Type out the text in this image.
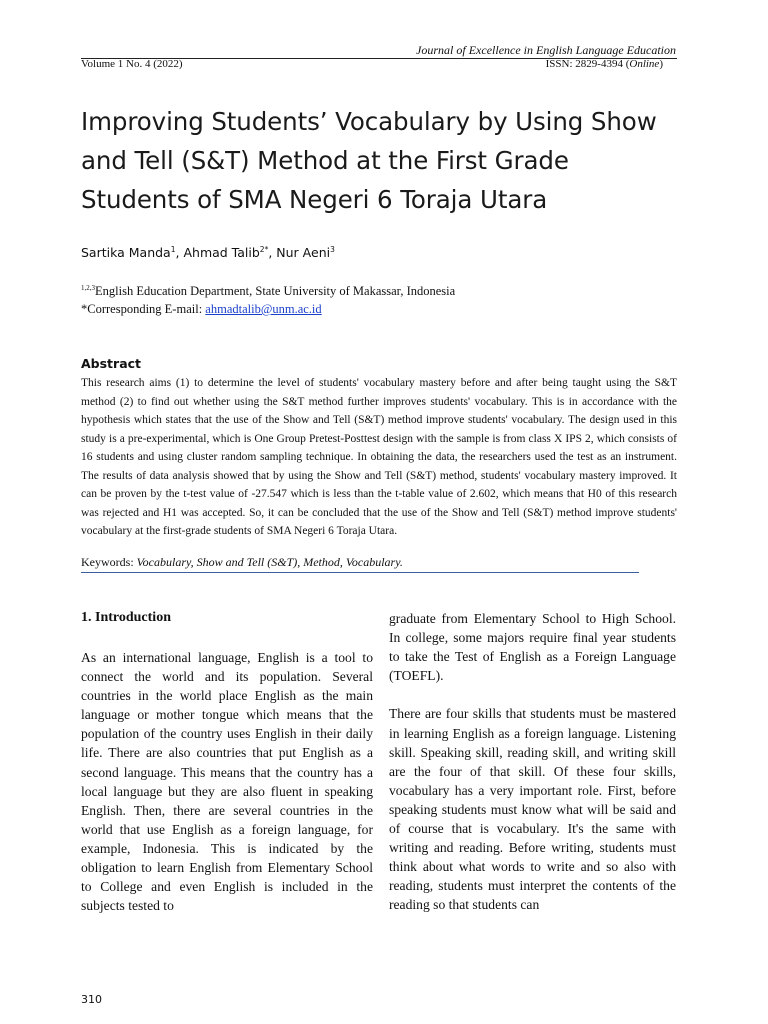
Journal of Excellence in English Language Education
Volume 1 No. 4 (2022)	ISSN: 2829-4394 (Online)
Improving Students’ Vocabulary by Using Show and Tell (S&T) Method at the First Grade Students of SMA Negeri 6 Toraja Utara
Sartika Manda$^1$, Ahmad Talib$^{2*}$, Nur Aeni$^3$
$^{1,2,3}$English Education Department, State University of Makassar, Indonesia
*Corresponding E-mail: ahmadtalib@unm.ac.id
Abstract

This research aims (1) to determine the level of students' vocabulary mastery before and after being taught using the S&T method (2) to find out whether using the S&T method further improves students' vocabulary. This is in accordance with the hypothesis which states that the use of the Show and Tell (S&T) method improve students' vocabulary. The design used in this study is a pre-experimental, which is One Group Pretest-Posttest design with the sample is from class X IPS 2, which consists of 16 students and using cluster random sampling technique. In obtaining the data, the researchers used the test as an instrument. The results of data analysis showed that by using the Show and Tell (S&T) method, students' vocabulary mastery improved. It can be proven by the t-test value of -27.547 which is less than the t-table value of 2.602, which means that H0 of this research was rejected and H1 was accepted. So, it can be concluded that the use of the Show and Tell (S&T) method improve students' vocabulary at the first-grade students of SMA Negeri 6 Toraja Utara.

Keywords: Vocabulary, Show and Tell (S&T), Method, Vocabulary.
1. Introduction

As an international language, English is a tool to connect the world and its population. Several countries in the world place English as the main language or mother tongue which means that the population of the country uses English in their daily life. There are also countries that put English as a second language. This means that the country has a local language but they are also fluent in speaking English. Then, there are several countries in the world that use English as a foreign language, for example, Indonesia. This is indicated by the obligation to learn English from Elementary School to College and even English is included in the subjects tested to

graduate from Elementary School to High School. In college, some majors require final year students to take the Test of English as a Foreign Language (TOEFL).

There are four skills that students must be mastered in learning English as a foreign language. Listening skill. Speaking skill, reading skill, and writing skill are the four of that skill. Of these four skills, vocabulary has a very important role. First, before speaking students must know what will be said and of course that is vocabulary. It's the same with writing and reading. Before writing, students must think about what words to write and so also with reading, students must interpret the contents of the reading so that students can

310
